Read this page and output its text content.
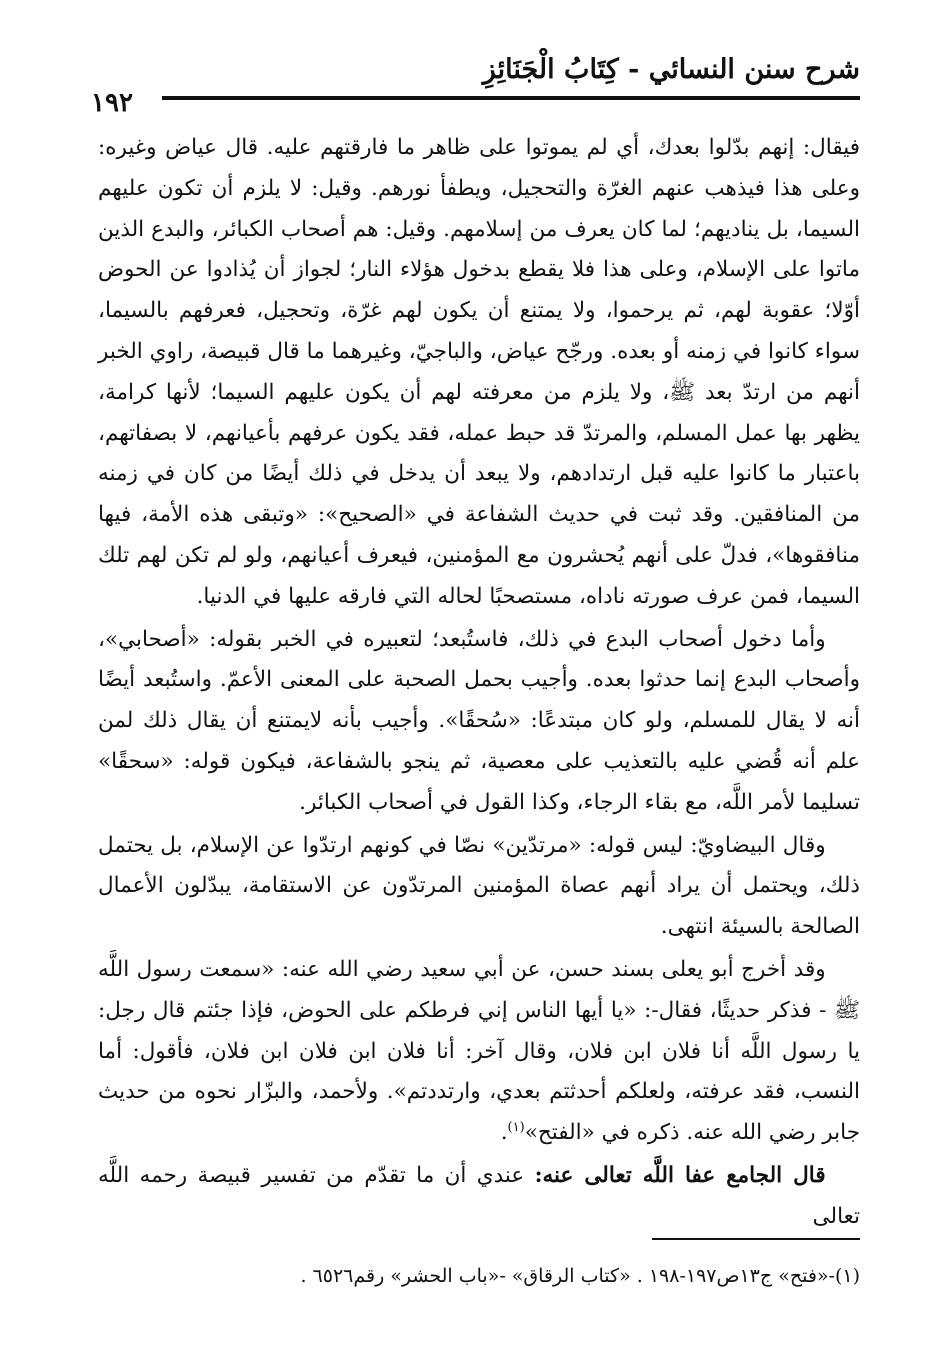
شرح سنن النسائي - كِتَابُ الْجَنَائِزِ
١٩٢

فيقال: إنهم بدّلوا بعدك، أي لم يموتوا على ظاهر ما فارقتهم عليه. قال عياض وغيره: وعلى هذا فيذهب عنهم الغرّة والتحجيل، ويطفأ نورهم. وقيل: لا يلزم أن تكون عليهم السيما، بل يناديهم؛ لما كان يعرف من إسلامهم. وقيل: هم أصحاب الكبائر، والبدع الذين ماتوا على الإسلام، وعلى هذا فلا يقطع بدخول هؤلاء النار؛ لجواز أن يُذادوا عن الحوض أوّلا؛ عقوبة لهم، ثم يرحموا، ولا يمتنع أن يكون لهم غرّة، وتحجيل، فعرفهم بالسيما، سواء كانوا في زمنه أو بعده. ورجّح عياض، والباجيّ، وغيرهما ما قال قبيصة، راوي الخبر أنهم من ارتدّ بعد ﷺ، ولا يلزم من معرفته لهم أن يكون عليهم السيما؛ لأنها كرامة، يظهر بها عمل المسلم، والمرتدّ قد حبط عمله، فقد يكون عرفهم بأعيانهم، لا بصفاتهم، باعتبار ما كانوا عليه قبل ارتدادهم، ولا يبعد أن يدخل في ذلك أيضًا من كان في زمنه من المنافقين. وقد ثبت في حديث الشفاعة في «الصحيح»: «وتبقى هذه الأمة، فيها منافقوها»، فدلّ على أنهم يُحشرون مع المؤمنين، فيعرف أعيانهم، ولو لم تكن لهم تلك السيما، فمن عرف صورته ناداه، مستصحبًا لحاله التي فارقه عليها في الدنيا.

وأما دخول أصحاب البدع في ذلك، فاستُبعد؛ لتعبيره في الخبر بقوله: «أصحابي»، وأصحاب البدع إنما حدثوا بعده. وأجيب بحمل الصحبة على المعنى الأعمّ. واستُبعد أيضًا أنه لا يقال للمسلم، ولو كان مبتدعًا: «سُحقًا». وأجيب بأنه لايمتنع أن يقال ذلك لمن علم أنه قُضي عليه بالتعذيب على معصية، ثم ينجو بالشفاعة، فيكون قوله: «سحقًا» تسليما لأمر اللَّه، مع بقاء الرجاء، وكذا القول في أصحاب الكبائر.

وقال البيضاويّ: ليس قوله: «مرتدّين» نصّا في كونهم ارتدّوا عن الإسلام، بل يحتمل ذلك، ويحتمل أن يراد أنهم عصاة المؤمنين المرتدّون عن الاستقامة، يبدّلون الأعمال الصالحة بالسيئة انتهى.

وقد أخرج أبو يعلى بسند حسن، عن أبي سعيد رضي الله عنه: «سمعت رسول اللَّه ﷺ - فذكر حديثًا، فقال-: «يا أيها الناس إني فرطكم على الحوض، فإذا جئتم قال رجل: يا رسول اللَّه أنا فلان ابن فلان، وقال آخر: أنا فلان ابن فلان ابن فلان، فأقول: أما النسب، فقد عرفته، ولعلكم أحدثتم بعدي، وارتددتم». ولأحمد، والبزّار نحوه من حديث جابر رضي الله عنه. ذكره في «الفتح»$^{(١)}$.

قال الجامع عفا اللَّه تعالى عنه: عندي أن ما تقدّم من تفسير قبيصة رحمه اللَّه تعالى

(١)-«فتح» ج١٣ص١٩٧-١٩٨ . «كتاب الرقاق» -«باب الحشر» رقم٦٥٢٦ .
